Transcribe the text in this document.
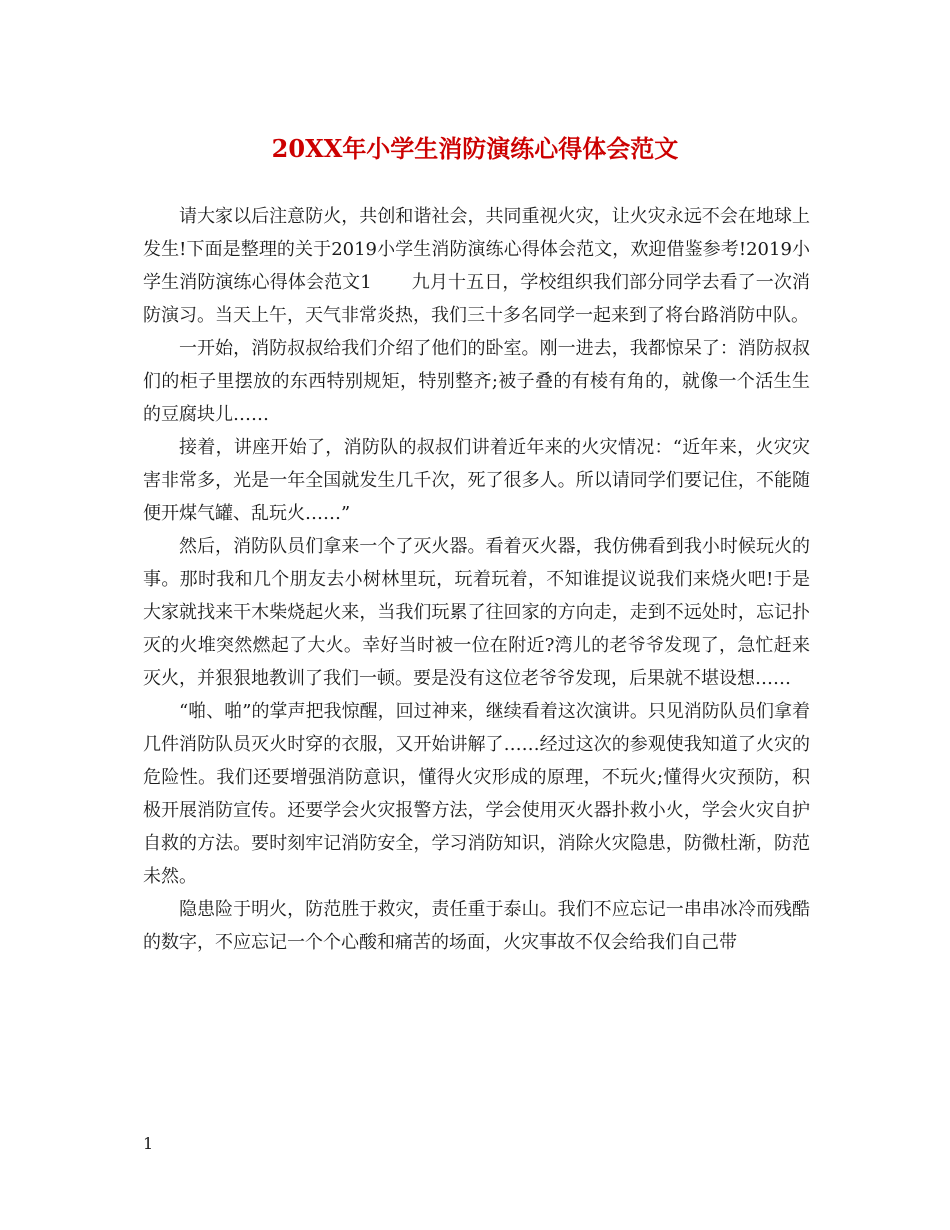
20XX年小学生消防演练心得体会范文

请大家以后注意防火，共创和谐社会，共同重视火灾，让火灾永远不会在地球上发生!下面是整理的关于2019小学生消防演练心得体会范文，欢迎借鉴参考!2019小学生消防演练心得体会范文1 九月十五日，学校组织我们部分同学去看了一次消防演习。当天上午，天气非常炎热，我们三十多名同学一起来到了将台路消防中队。

一开始，消防叔叔给我们介绍了他们的卧室。刚一进去，我都惊呆了：消防叔叔们的柜子里摆放的东西特别规矩，特别整齐;被子叠的有棱有角的，就像一个活生生的豆腐块儿……

接着，讲座开始了，消防队的叔叔们讲着近年来的火灾情况：“近年来，火灾灾害非常多，光是一年全国就发生几千次，死了很多人。所以请同学们要记住，不能随便开煤气罐、乱玩火……”

然后，消防队员们拿来一个了灭火器。看着灭火器，我仿佛看到我小时候玩火的事。那时我和几个朋友去小树林里玩，玩着玩着，不知谁提议说我们来烧火吧!于是大家就找来干木柴烧起火来，当我们玩累了往回家的方向走，走到不远处时，忘记扑灭的火堆突然燃起了大火。幸好当时被一位在附近?湾儿的老爷爷发现了，急忙赶来灭火，并狠狠地教训了我们一顿。要是没有这位老爷爷发现，后果就不堪设想……

“啪、啪”的掌声把我惊醒，回过神来，继续看着这次演讲。只见消防队员们拿着几件消防队员灭火时穿的衣服，又开始讲解了……经过这次的参观使我知道了火灾的危险性。我们还要增强消防意识，懂得火灾形成的原理，不玩火;懂得火灾预防，积极开展消防宣传。还要学会火灾报警方法，学会使用灭火器扑救小火，学会火灾自护自救的方法。要时刻牢记消防安全，学习消防知识，消除火灾隐患，防微杜渐，防范未然。

隐患险于明火，防范胜于救灾，责任重于泰山。我们不应忘记一串串冰冷而残酷的数字，不应忘记一个个心酸和痛苦的场面，火灾事故不仅会给我们自己带

1
